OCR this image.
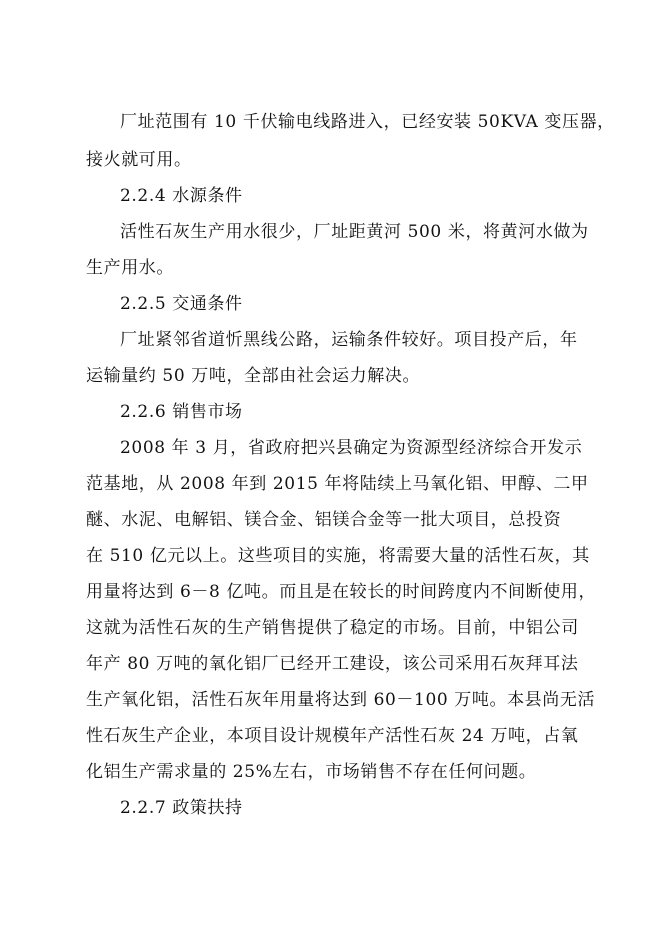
厂址范围有 10 千伏输电线路进入，已经安装 50KVA 变压器，
接火就可用。
2.2.4 水源条件
活性石灰生产用水很少，厂址距黄河 500 米，将黄河水做为
生产用水。
2.2.5 交通条件
厂址紧邻省道忻黑线公路，运输条件较好。项目投产后，年
运输量约 50 万吨，全部由社会运力解决。
2.2.6 销售市场
2008 年 3 月，省政府把兴县确定为资源型经济综合开发示
范基地，从 2008 年到 2015 年将陆续上马氧化铝、甲醇、二甲
醚、水泥、电解铝、镁合金、铝镁合金等一批大项目，总投资
在 510 亿元以上。这些项目的实施，将需要大量的活性石灰，其
用量将达到 6－8 亿吨。而且是在较长的时间跨度内不间断使用，
这就为活性石灰的生产销售提供了稳定的市场。目前，中铝公司
年产 80 万吨的氧化铝厂已经开工建设，该公司采用石灰拜耳法
生产氧化铝，活性石灰年用量将达到 60－100 万吨。本县尚无活
性石灰生产企业，本项目设计规模年产活性石灰 24 万吨，占氧
化铝生产需求量的 25%左右，市场销售不存在任何问题。
2.2.7 政策扶持
